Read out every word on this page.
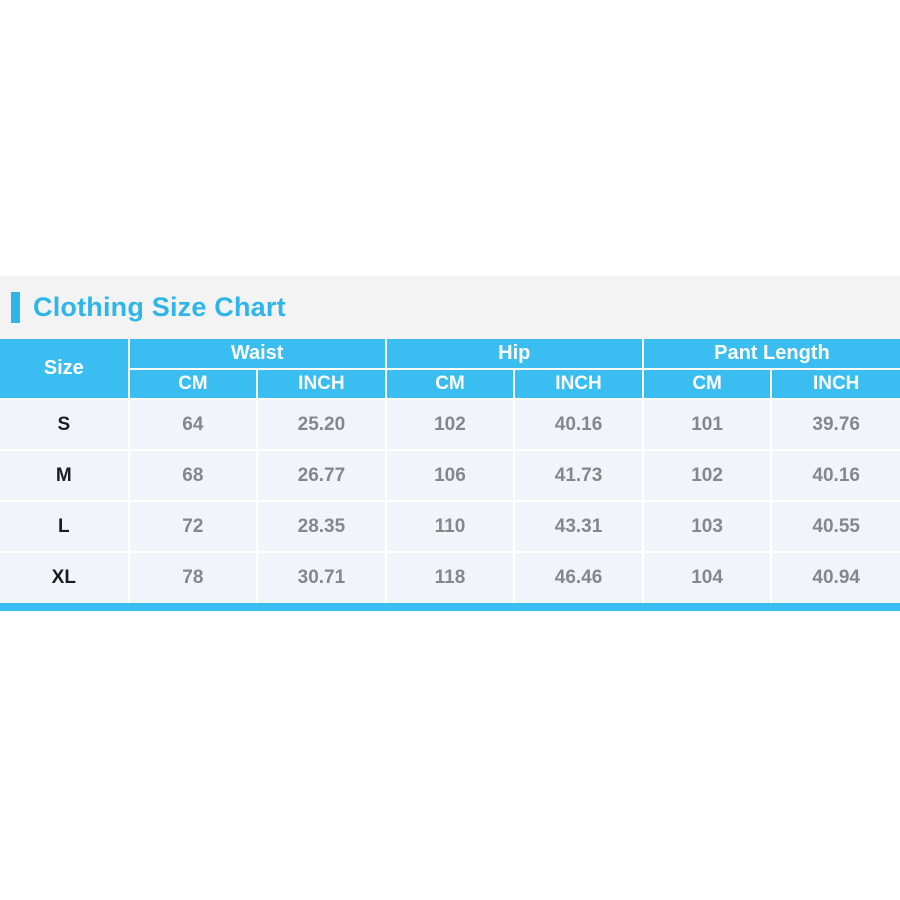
Clothing Size Chart
Size	Waist		Hip		Pant Length	
	CM	INCH	CM	INCH	CM	INCH
S	64	25.20	102	40.16	101	39.76
M	68	26.77	106	41.73	102	40.16
L	72	28.35	110	43.31	103	40.55
XL	78	30.71	118	46.46	104	40.94
